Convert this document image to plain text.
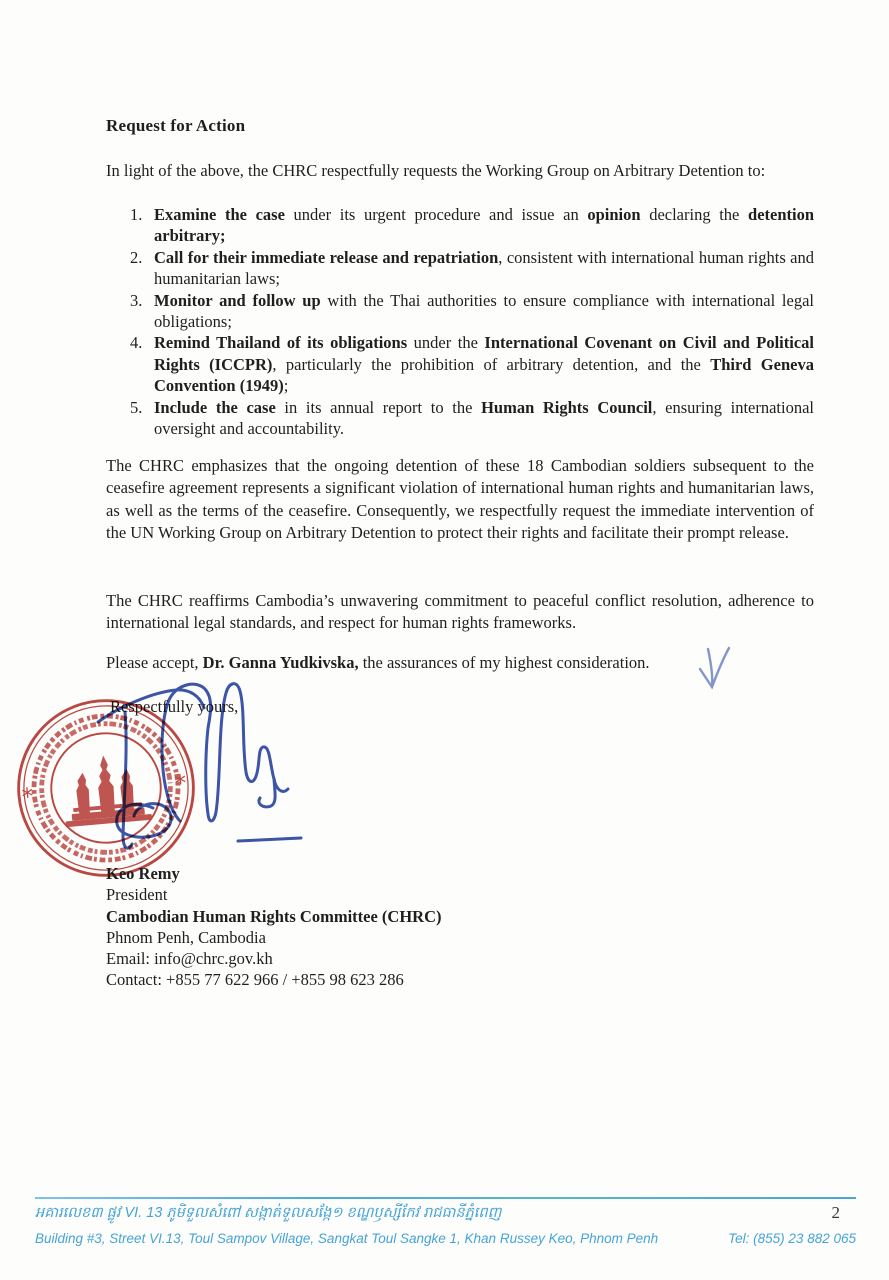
Request for Action
In light of the above, the CHRC respectfully requests the Working Group on Arbitrary Detention to:
1. Examine the case under its urgent procedure and issue an opinion declaring the detention arbitrary;
2. Call for their immediate release and repatriation, consistent with international human rights and humanitarian laws;
3. Monitor and follow up with the Thai authorities to ensure compliance with international legal obligations;
4. Remind Thailand of its obligations under the International Covenant on Civil and Political Rights (ICCPR), particularly the prohibition of arbitrary detention, and the Third Geneva Convention (1949);
5. Include the case in its annual report to the Human Rights Council, ensuring international oversight and accountability.
The CHRC emphasizes that the ongoing detention of these 18 Cambodian soldiers subsequent to the ceasefire agreement represents a significant violation of international human rights and humanitarian laws, as well as the terms of the ceasefire. Consequently, we respectfully request the immediate intervention of the UN Working Group on Arbitrary Detention to protect their rights and facilitate their prompt release.
The CHRC reaffirms Cambodia’s unwavering commitment to peaceful conflict resolution, adherence to international legal standards, and respect for human rights frameworks.
Please accept, Dr. Ganna Yudkivska, the assurances of my highest consideration.
Respectfully yours,
*	*
Keo Remy
President
Cambodian Human Rights Committee (CHRC)
Phnom Penh, Cambodia
Email: info@chrc.gov.kh
Contact: +855 77 622 966 / +855 98 623 286
អគារលេខ៣ ផ្លូវ VI. 13 ភូមិទួលសំពៅ សង្កាត់ទួលសង្កែ១ ខណ្ឌឫស្សីកែវ រាជធានីភ្នំពេញ	2
Building #3, Street VI.13, Toul Sampov Village, Sangkat Toul Sangke 1, Khan Russey Keo, Phnom Penh	Tel: (855) 23 882 065
